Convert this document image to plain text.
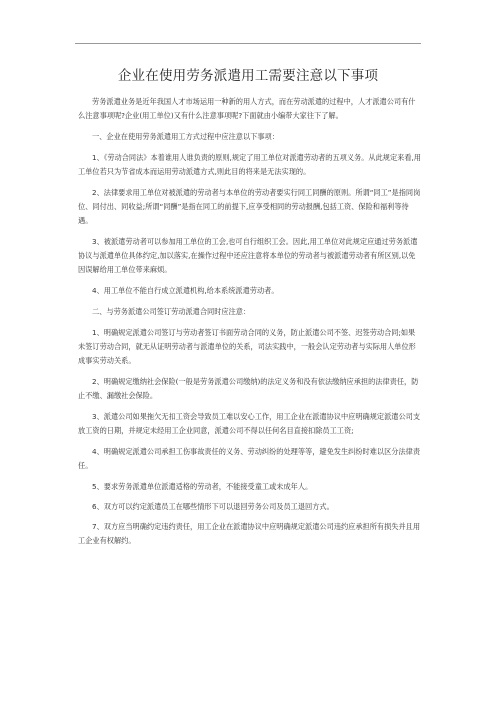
企业在使用劳务派遣用工需要注意以下事项

劳务派遣业务是近年我国人才市场运用一种新的用人方式，而在劳动派遣的过程中，人才派遣公司有什么注意事项呢?企业(用工单位)又有什么注意事项呢?下面就由小编带大家往下了解。

一、企业在使用劳务派遣用工方式过程中应注意以下事项：

1、《劳动合同法》本着谁用人谁负责的原则,规定了用工单位对派遣劳动者的五项义务。从此规定来看,用工单位若只为节省成本而运用劳动派遣方式,则此目的将来是无法实现的。

2、法律要求用工单位对被派遣的劳动者与本单位的劳动者要实行同工同酬的原则。所谓“同工”是指同岗位、同付出、同收益;所谓“同酬”是指在同工的前提下,应享受相同的劳动报酬,包括工资、保险和福利等待遇。

3、被派遣劳动者可以参加用工单位的工会,也可自行组织工会。因此,用工单位对此规定应通过劳务派遣协议与派遣单位具体约定,加以落实,在操作过程中还应注意将本单位的劳动者与被派遣劳动者有所区别,以免因误解给用工单位带来麻烦。

4、用工单位不能自行成立派遣机构,给本系统派遣劳动者。

二、与劳务派遣公司签订劳动派遣合同时应注意：

1、明确规定派遣公司签订与劳动者签订书面劳动合同的义务，防止派遣公司不签、迟签劳动合同;如果未签订劳动合同，就无从证明劳动者与派遣单位的关系，司法实践中，一般会认定劳动者与实际用人单位形成事实劳动关系。

2、明确规定缴纳社会保险(一般是劳务派遣公司缴纳)的法定义务和没有依法缴纳应承担的法律责任，防止不缴、漏缴社会保险。

3、派遣公司如果拖欠无扣工资会导致员工难以安心工作，用工企业在派遣协议中应明确规定派遣公司支放工资的日期，并规定未经用工企业同意，派遣公司不得以任何名目直接扣除员工工资;

4、明确规定派遣公司承担工伤事故责任的义务、劳动纠纷的处理等等，避免发生纠纷时难以区分法律责任。

5、要求劳务派遣单位派遣适格的劳动者，不能接受童工或未成年人。

6、双方可以约定派遣员工在哪些情形下可以退回劳务公司及员工退回方式。

7、双方应当明确约定违约责任，用工企业在派遣协议中应明确规定派遣公司违约应承担所有损失并且用工企业有权解约。
